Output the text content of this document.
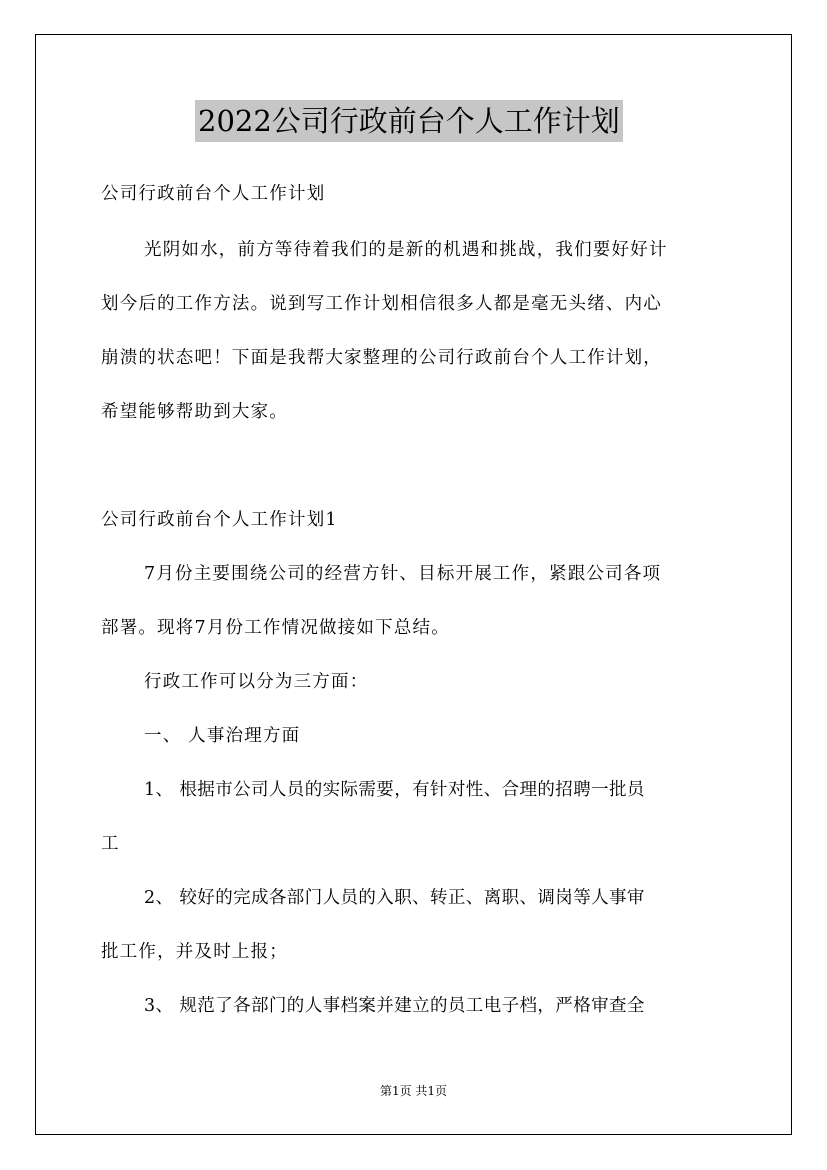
2022公司行政前台个人工作计划
公司行政前台个人工作计划
光阴如水，前方等待着我们的是新的机遇和挑战，我们要好好计
划今后的工作方法。说到写工作计划相信很多人都是毫无头绪、内心
崩溃的状态吧！下面是我帮大家整理的公司行政前台个人工作计划，
希望能够帮助到大家。
公司行政前台个人工作计划1
7月份主要围绕公司的经营方针、目标开展工作，紧跟公司各项
部署。现将7月份工作情况做接如下总结。
行政工作可以分为三方面：
一、 人事治理方面
1、 根据市公司人员的实际需要，有针对性、合理的招聘一批员
工
2、 较好的完成各部门人员的入职、转正、离职、调岗等人事审
批工作，并及时上报；
3、 规范了各部门的人事档案并建立的员工电子档，严格审查全
第1页 共1页
